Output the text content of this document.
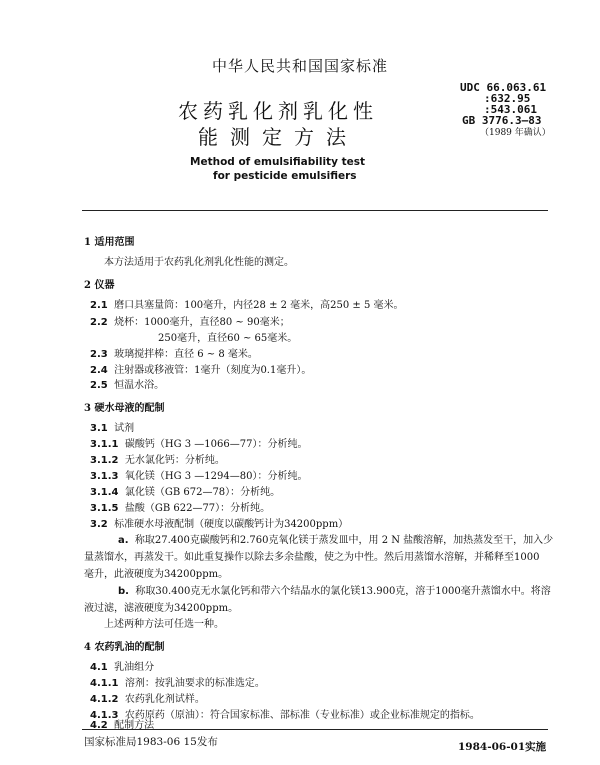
中华人民共和国国家标准
农药乳化剂乳化性
能测定方法
Method of emulsifiability test
for pesticide emulsifiers
UDC 66.063.61
:632.95
:543.061
GB 3776.3—83
（1989 年确认）
1 适用范围
本方法适用于农药乳化剂乳化性能的测定。
2 仪器
2.1 磨口具塞量筒：100毫升，内径28 ± 2 毫米，高250 ± 5 毫米。
2.2 烧杯：1000毫升，直径80 ~ 90毫米；
250毫升，直径60 ~ 65毫米。
2.3 玻璃搅拌棒：直径 6 ~ 8 毫米。
2.4 注射器或移液管：1毫升（刻度为0.1毫升）。
2.5 恒温水浴。
3 硬水母液的配制
3.1 试剂
3.1.1 碳酸钙（HG 3 —1066—77）：分析纯。
3.1.2 无水氯化钙：分析纯。
3.1.3 氧化镁（HG 3 —1294—80）：分析纯。
3.1.4 氯化镁（GB 672—78）：分析纯。
3.1.5 盐酸（GB 622—77）：分析纯。
3.2 标准硬水母液配制（硬度以碳酸钙计为34200ppm）
a. 称取27.400克碳酸钙和2.760克氧化镁于蒸发皿中，用 2 N 盐酸溶解，加热蒸发至干，加入少
量蒸馏水，再蒸发干。如此重复操作以除去多余盐酸，使之为中性。然后用蒸馏水溶解，并稀释至1000
毫升，此液硬度为34200ppm。
b. 称取30.400克无水氯化钙和带六个结晶水的氯化镁13.900克，溶于1000毫升蒸馏水中。将溶
液过滤，滤液硬度为34200ppm。
上述两种方法可任选一种。
4 农药乳油的配制
4.1 乳油组分
4.1.1 溶剂：按乳油要求的标准选定。
4.1.2 农药乳化剂试样。
4.1.3 农药原药（原油）：符合国家标准、部标准（专业标准）或企业标准规定的指标。
4.2 配制方法
国家标准局1983-06 15发布	1984-06-01实施
